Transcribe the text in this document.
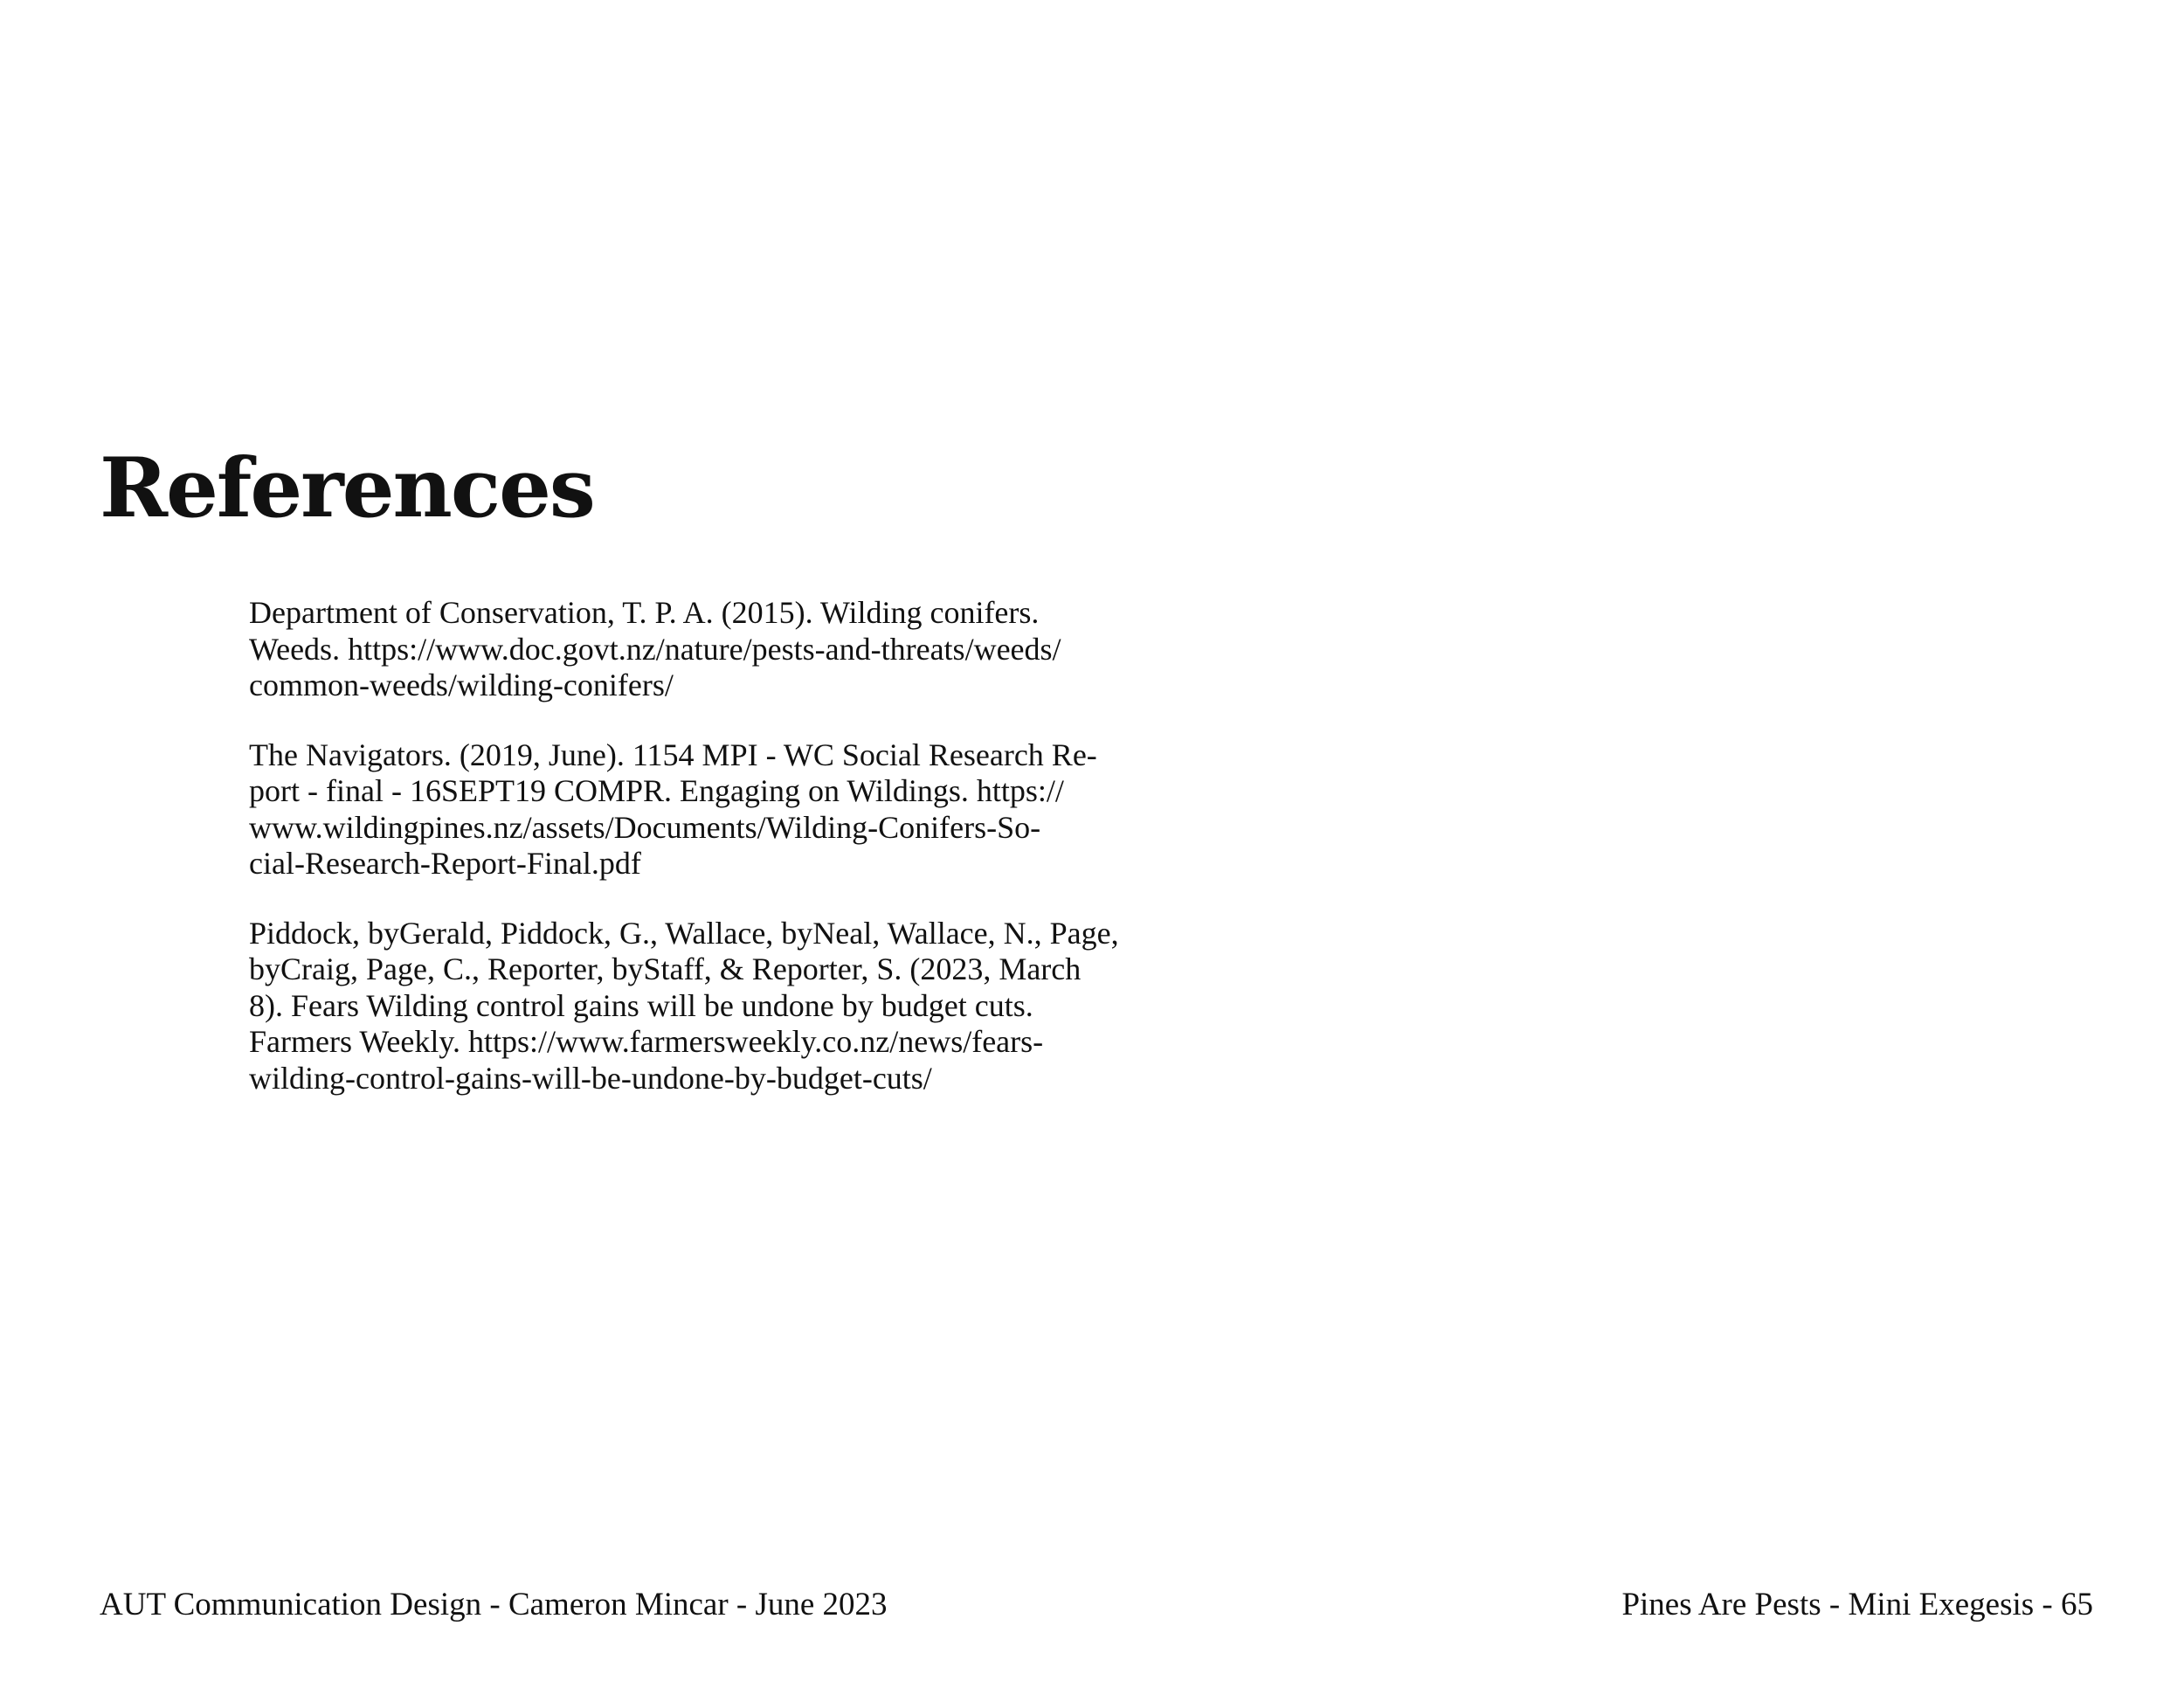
References
Department of Conservation, T. P. A. (2015). Wilding conifers.
Weeds. https://www.doc.govt.nz/nature/pests-and-threats/weeds/
common-weeds/wilding-conifers/
The Navigators. (2019, June). 1154 MPI - WC Social Research Re-
port - final - 16SEPT19 COMPR. Engaging on Wildings. https://
www.wildingpines.nz/assets/Documents/Wilding-Conifers-So-
cial-Research-Report-Final.pdf
Piddock, byGerald, Piddock, G., Wallace, byNeal, Wallace, N., Page,
byCraig, Page, C., Reporter, byStaff, & Reporter, S. (2023, March
8). Fears Wilding control gains will be undone by budget cuts.
Farmers Weekly. https://www.farmersweekly.co.nz/news/fears-
wilding-control-gains-will-be-undone-by-budget-cuts/
AUT Communication Design - Cameron Mincar - June 2023	Pines Are Pests - Mini Exegesis - 65
